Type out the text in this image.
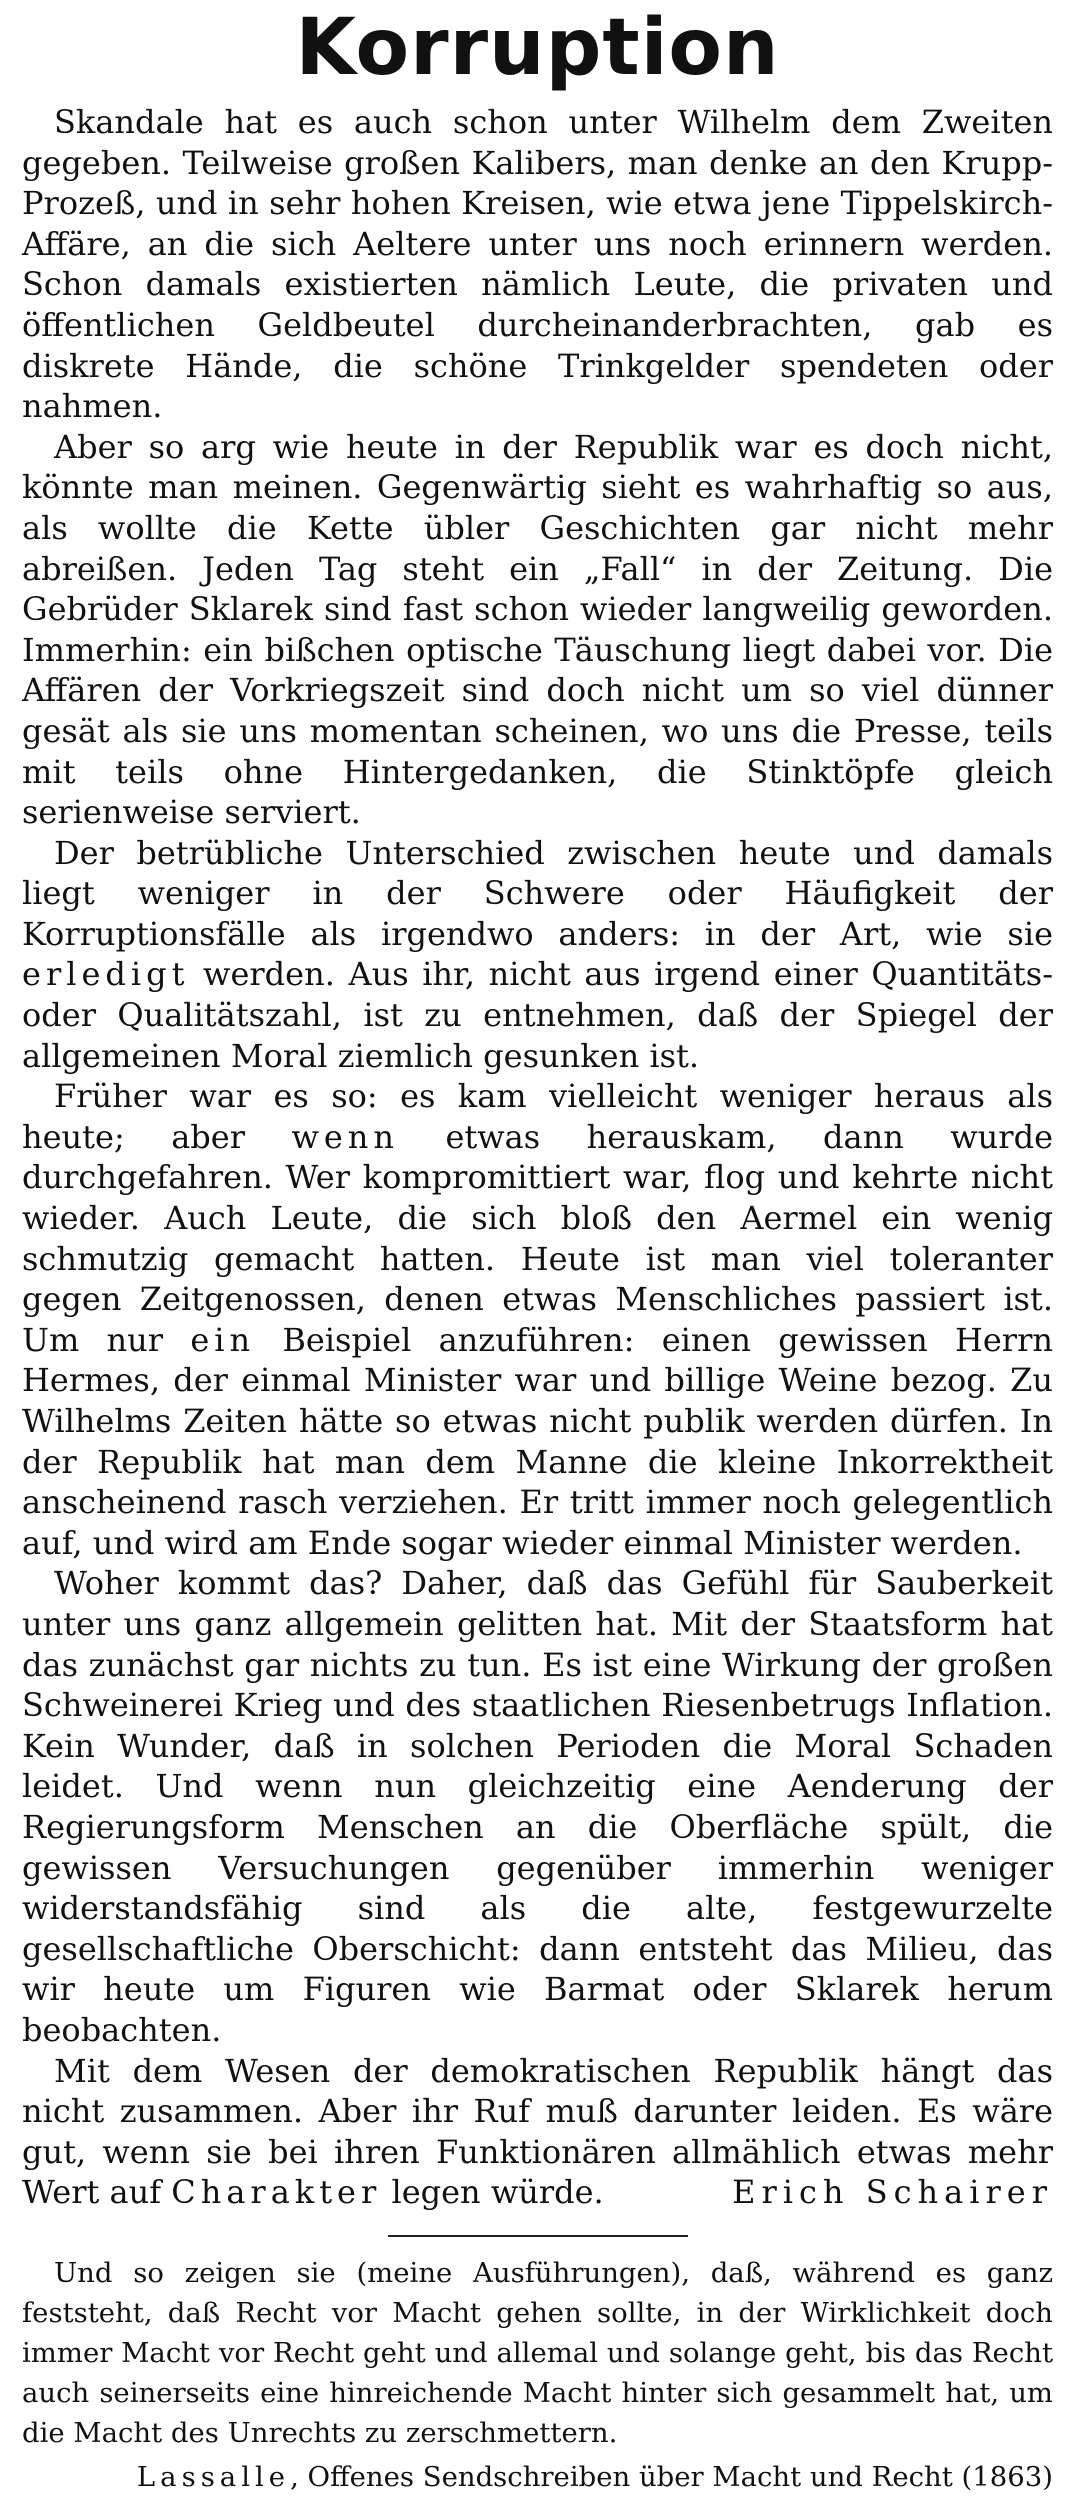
Korruption

Skandale hat es auch schon unter Wilhelm dem Zweiten gegeben. Teilweise großen Kalibers, man denke an den Krupp-Prozeß, und in sehr hohen Kreisen, wie etwa jene Tippelskirch-Affäre, an die sich Aeltere unter uns noch erinnern werden. Schon damals existierten nämlich Leute, die privaten und öffentlichen Geldbeutel durcheinanderbrachten, gab es diskrete Hände, die schöne Trinkgelder spendeten oder nahmen.

Aber so arg wie heute in der Republik war es doch nicht, könnte man meinen. Gegenwärtig sieht es wahrhaftig so aus, als wollte die Kette übler Geschichten gar nicht mehr abreißen. Jeden Tag steht ein „Fall“ in der Zeitung. Die Gebrüder Sklarek sind fast schon wieder langweilig geworden. Immerhin: ein bißchen optische Täuschung liegt dabei vor. Die Affären der Vorkriegszeit sind doch nicht um so viel dünner gesät als sie uns momentan scheinen, wo uns die Presse, teils mit teils ohne Hintergedanken, die Stinktöpfe gleich serienweise serviert.

Der betrübliche Unterschied zwischen heute und damals liegt weniger in der Schwere oder Häufigkeit der Korruptionsfälle als irgendwo anders: in der Art, wie sie erledigt werden. Aus ihr, nicht aus irgend einer Quantitäts- oder Qualitätszahl, ist zu entnehmen, daß der Spiegel der allgemeinen Moral ziemlich gesunken ist.

Früher war es so: es kam vielleicht weniger heraus als heute; aber wenn etwas herauskam, dann wurde durchgefahren. Wer kompromittiert war, flog und kehrte nicht wieder. Auch Leute, die sich bloß den Aermel ein wenig schmutzig gemacht hatten. Heute ist man viel toleranter gegen Zeitgenossen, denen etwas Menschliches passiert ist. Um nur ein Beispiel anzuführen: einen gewissen Herrn Hermes, der einmal Minister war und billige Weine bezog. Zu Wilhelms Zeiten hätte so etwas nicht publik werden dürfen. In der Republik hat man dem Manne die kleine Inkorrektheit anscheinend rasch verziehen. Er tritt immer noch gelegentlich auf, und wird am Ende sogar wieder einmal Minister werden.

Woher kommt das? Daher, daß das Gefühl für Sauberkeit unter uns ganz allgemein gelitten hat. Mit der Staatsform hat das zunächst gar nichts zu tun. Es ist eine Wirkung der großen Schweinerei Krieg und des staatlichen Riesenbetrugs Inflation. Kein Wunder, daß in solchen Perioden die Moral Schaden leidet. Und wenn nun gleichzeitig eine Aenderung der Regierungsform Menschen an die Oberfläche spült, die gewissen Versuchungen gegenüber immerhin weniger widerstandsfähig sind als die alte, festgewurzelte gesellschaftliche Oberschicht: dann entsteht das Milieu, das wir heute um Figuren wie Barmat oder Sklarek herum beobachten.

Mit dem Wesen der demokratischen Republik hängt das nicht zusammen. Aber ihr Ruf muß darunter leiden. Es wäre gut, wenn sie bei ihren Funktionären allmählich etwas mehr Wert auf Charakter legen würde.	Erich Schairer

Und so zeigen sie (meine Ausführungen), daß, während es ganz feststeht, daß Recht vor Macht gehen sollte, in der Wirklichkeit doch immer Macht vor Recht geht und allemal und solange geht, bis das Recht auch seinerseits eine hinreichende Macht hinter sich gesammelt hat, um die Macht des Unrechts zu zerschmettern.

Lassalle, Offenes Sendschreiben über Macht und Recht (1863)
